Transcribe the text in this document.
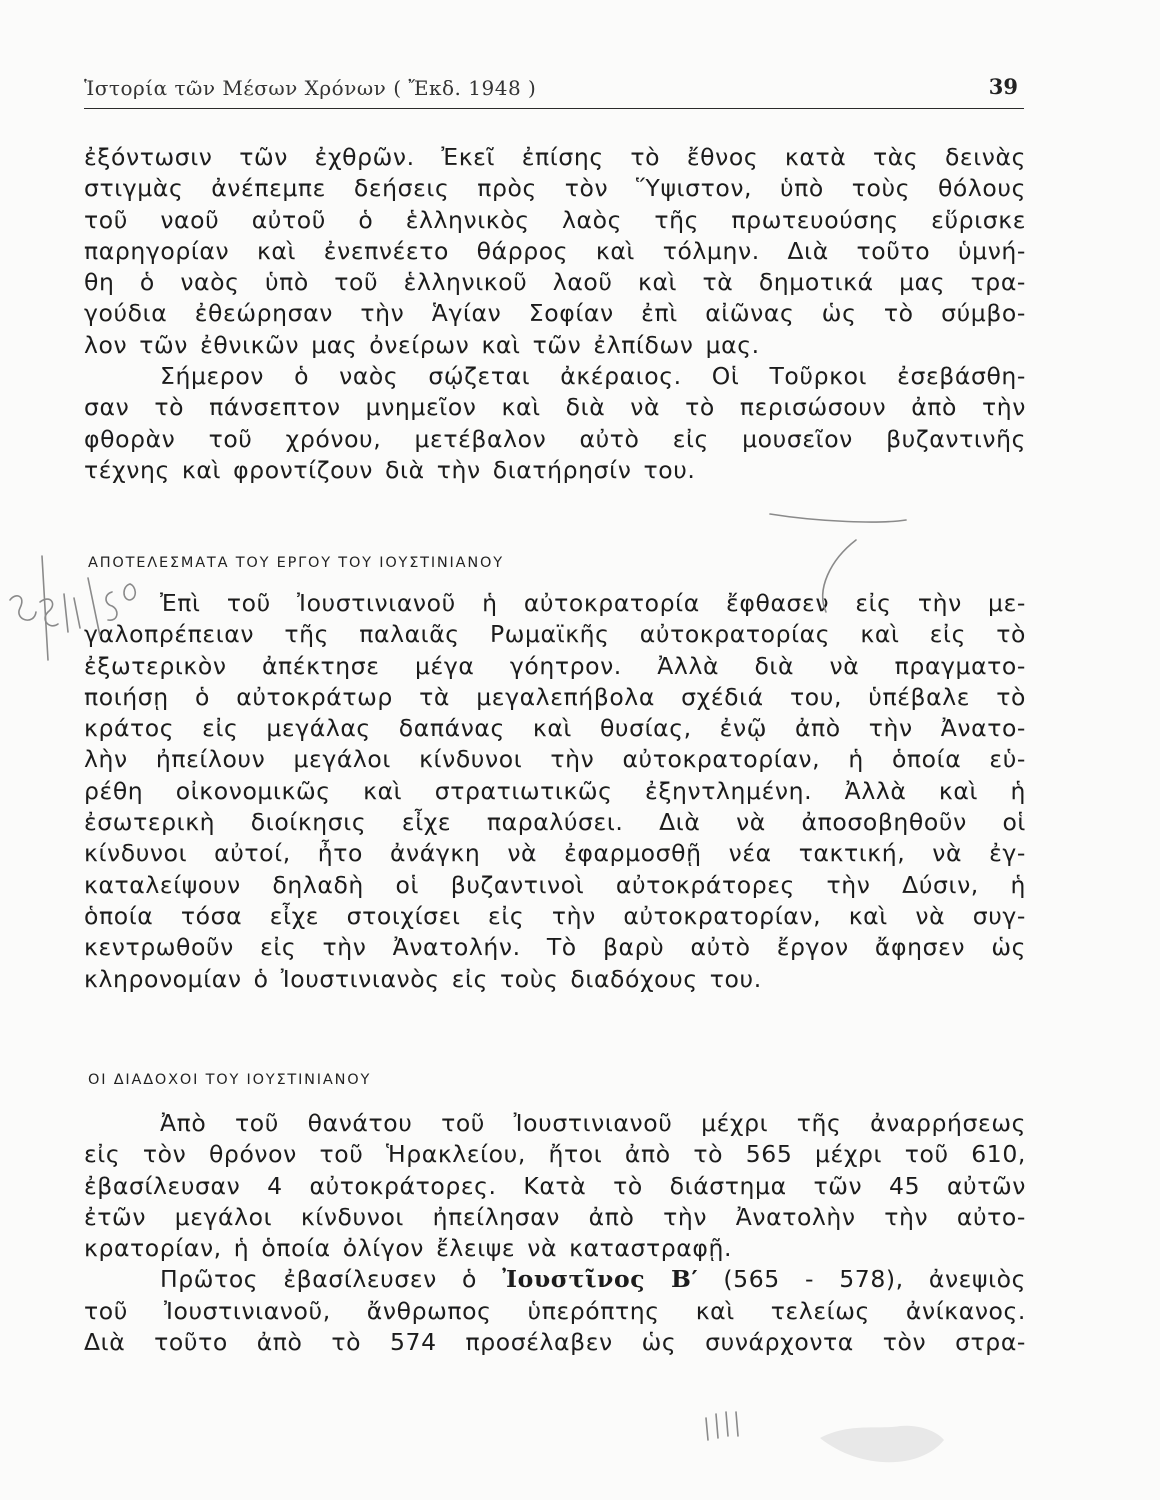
Ἱστορία τῶν Μέσων Χρόνων ( Ἔκδ. 1948 )	39
ἐξόντωσιν τῶν ἐχθρῶν. Ἐκεῖ ἐπίσης τὸ ἔθνος κατὰ τὰς δεινὰς
στιγμὰς ἀνέπεμπε δεήσεις πρὸς τὸν Ὕψιστον, ὑπὸ τοὺς θόλους
τοῦ ναοῦ αὐτοῦ ὁ ἑλληνικὸς λαὸς τῆς πρωτευούσης εὕρισκε
παρηγορίαν καὶ ἐνεπνέετο θάρρος καὶ τόλμην. Διὰ τοῦτο ὑμνή-
θη ὁ ναὸς ὑπὸ τοῦ ἑλληνικοῦ λαοῦ καὶ τὰ δημοτικά μας τρα-
γούδια ἐθεώρησαν τὴν Ἁγίαν Σοφίαν ἐπὶ αἰῶνας ὡς τὸ σύμβο-
λον τῶν ἐθνικῶν μας ὀνείρων καὶ τῶν ἐλπίδων μας.
Σήμερον ὁ ναὸς σῴζεται ἀκέραιος. Οἱ Τοῦρκοι ἐσεβάσθη-
σαν τὸ πάνσεπτον μνημεῖον καὶ διὰ νὰ τὸ περισώσουν ἀπὸ τὴν
φθορὰν τοῦ χρόνου, μετέβαλον αὐτὸ εἰς μουσεῖον βυζαντινῆς
τέχνης καὶ φροντίζουν διὰ τὴν διατήρησίν του.
ΑΠΟΤΕΛΕΣΜΑΤΑ ΤΟΥ ΕΡΓΟΥ ΤΟΥ ΙΟΥΣΤΙΝΙΑΝΟΥ
Ἐπὶ τοῦ Ἰουστινιανοῦ ἡ αὐτοκρατορία ἔφθασεν εἰς τὴν με-
γαλοπρέπειαν τῆς παλαιᾶς Ρωμαϊκῆς αὐτοκρατορίας καὶ εἰς τὸ
ἐξωτερικὸν ἀπέκτησε μέγα γόητρον. Ἀλλὰ διὰ νὰ πραγματο-
ποιήσῃ ὁ αὐτοκράτωρ τὰ μεγαλεπήβολα σχέδιά του, ὑπέβαλε τὸ
κράτος εἰς μεγάλας δαπάνας καὶ θυσίας, ἐνῷ ἀπὸ τὴν Ἀνατο-
λὴν ἠπείλουν μεγάλοι κίνδυνοι τὴν αὐτοκρατορίαν, ἡ ὁποία εὑ-
ρέθη οἰκονομικῶς καὶ στρατιωτικῶς ἐξηντλημένη. Ἀλλὰ καὶ ἡ
ἐσωτερικὴ διοίκησις εἶχε παραλύσει. Διὰ νὰ ἀποσοβηθοῦν οἱ
κίνδυνοι αὐτοί, ἦτο ἀνάγκη νὰ ἐφαρμοσθῇ νέα τακτική, νὰ ἐγ-
καταλείψουν δηλαδὴ οἱ βυζαντινοὶ αὐτοκράτορες τὴν Δύσιν, ἡ
ὁποία τόσα εἶχε στοιχίσει εἰς τὴν αὐτοκρατορίαν, καὶ νὰ συγ-
κεντρωθοῦν εἰς τὴν Ἀνατολήν. Τὸ βαρὺ αὐτὸ ἔργον ἄφησεν ὡς
κληρονομίαν ὁ Ἰουστινιανὸς εἰς τοὺς διαδόχους του.
ΟΙ ΔΙΑΔΟΧΟΙ ΤΟΥ ΙΟΥΣΤΙΝΙΑΝΟΥ
Ἀπὸ τοῦ θανάτου τοῦ Ἰουστινιανοῦ μέχρι τῆς ἀναρρήσεως
εἰς τὸν θρόνον τοῦ Ἡρακλείου, ἤτοι ἀπὸ τὸ 565 μέχρι τοῦ 610,
ἐβασίλευσαν 4 αὐτοκράτορες. Κατὰ τὸ διάστημα τῶν 45 αὐτῶν
ἐτῶν μεγάλοι κίνδυνοι ἠπείλησαν ἀπὸ τὴν Ἀνατολὴν τὴν αὐτο-
κρατορίαν, ἡ ὁποία ὀλίγον ἔλειψε νὰ καταστραφῇ.
Πρῶτος ἐβασίλευσεν ὁ Ἰουστῖνος Β′ (565 - 578), ἀνεψιὸς
τοῦ Ἰουστινιανοῦ, ἄνθρωπος ὑπερόπτης καὶ τελείως ἀνίκανος.
Διὰ τοῦτο ἀπὸ τὸ 574 προσέλαβεν ὡς συνάρχοντα τὸν στρα-
